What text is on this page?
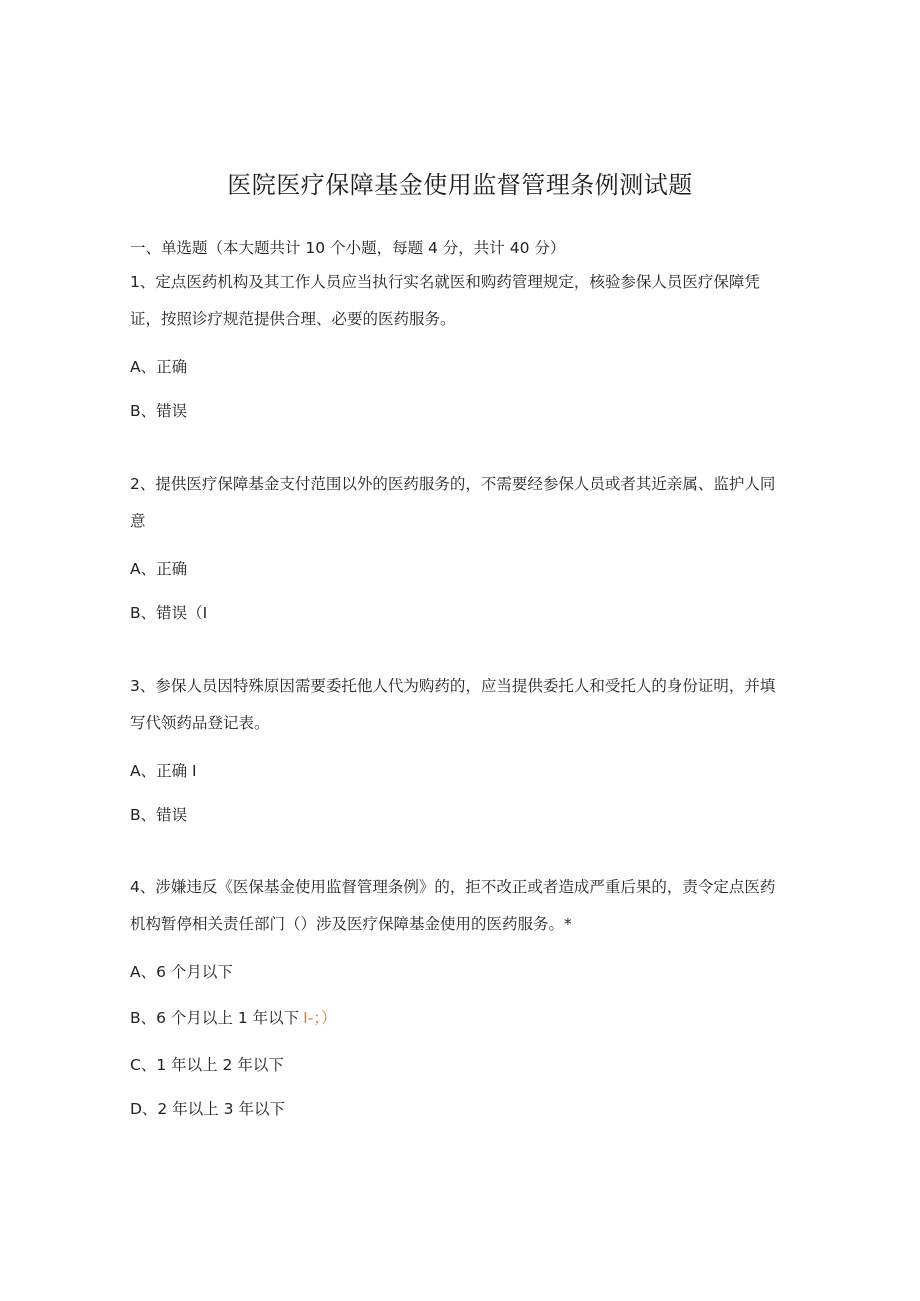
医院医疗保障基金使用监督管理条例测试题
一、单选题（本大题共计 10 个小题，每题 4 分，共计 40 分）
1、定点医药机构及其工作人员应当执行实名就医和购药管理规定，核验参保人员医疗保障凭证，按照诊疗规范提供合理、必要的医药服务。
A、正确
B、错误
2、提供医疗保障基金支付范围以外的医药服务的，不需要经参保人员或者其近亲属、监护人同意
A、正确
B、错误（I
3、参保人员因特殊原因需要委托他人代为购药的，应当提供委托人和受托人的身份证明，并填写代领药品登记表。
A、正确 I
B、错误
4、涉嫌违反《医保基金使用监督管理条例》的，拒不改正或者造成严重后果的，责令定点医药机构暂停相关责任部门（）涉及医疗保障基金使用的医药服务。*
A、6 个月以下
B、6 个月以上 1 年以下 I-；）
C、1 年以上 2 年以下
D、2 年以上 3 年以下
